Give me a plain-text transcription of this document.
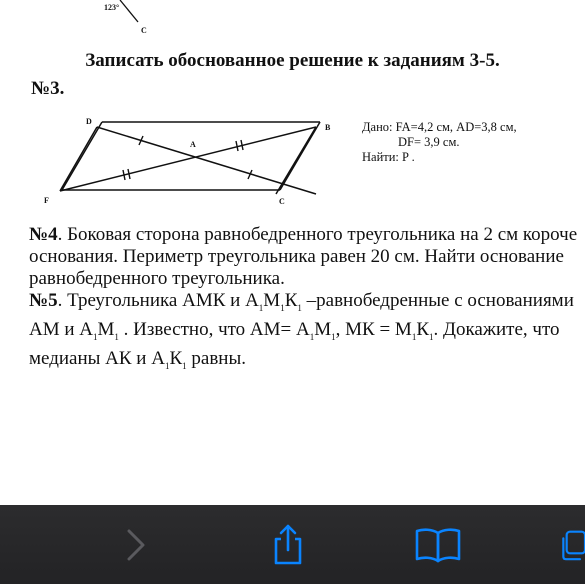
123°
C
Записать обоснованное решение к заданиям 3-5.
№3.
D
B
A
F	C
Дано: FA=4,2 см, AD=3,8 см,
DF= 3,9 см.
Найти: P .

№4. Боковая сторона равнобедренного треугольника на 2 см короче основания. Периметр треугольника равен 20 см. Найти основание равнобедренного треугольника.

№5. Треугольника АМК и $А_1М_1К_1$ –равнобедренные с основаниями АМ и $А_1М_1$ . Известно, что $АМ= А_1М_1$, МК = $М_1К_1$. Докажите, что медианы АК и $А_1К_1$ равны.
